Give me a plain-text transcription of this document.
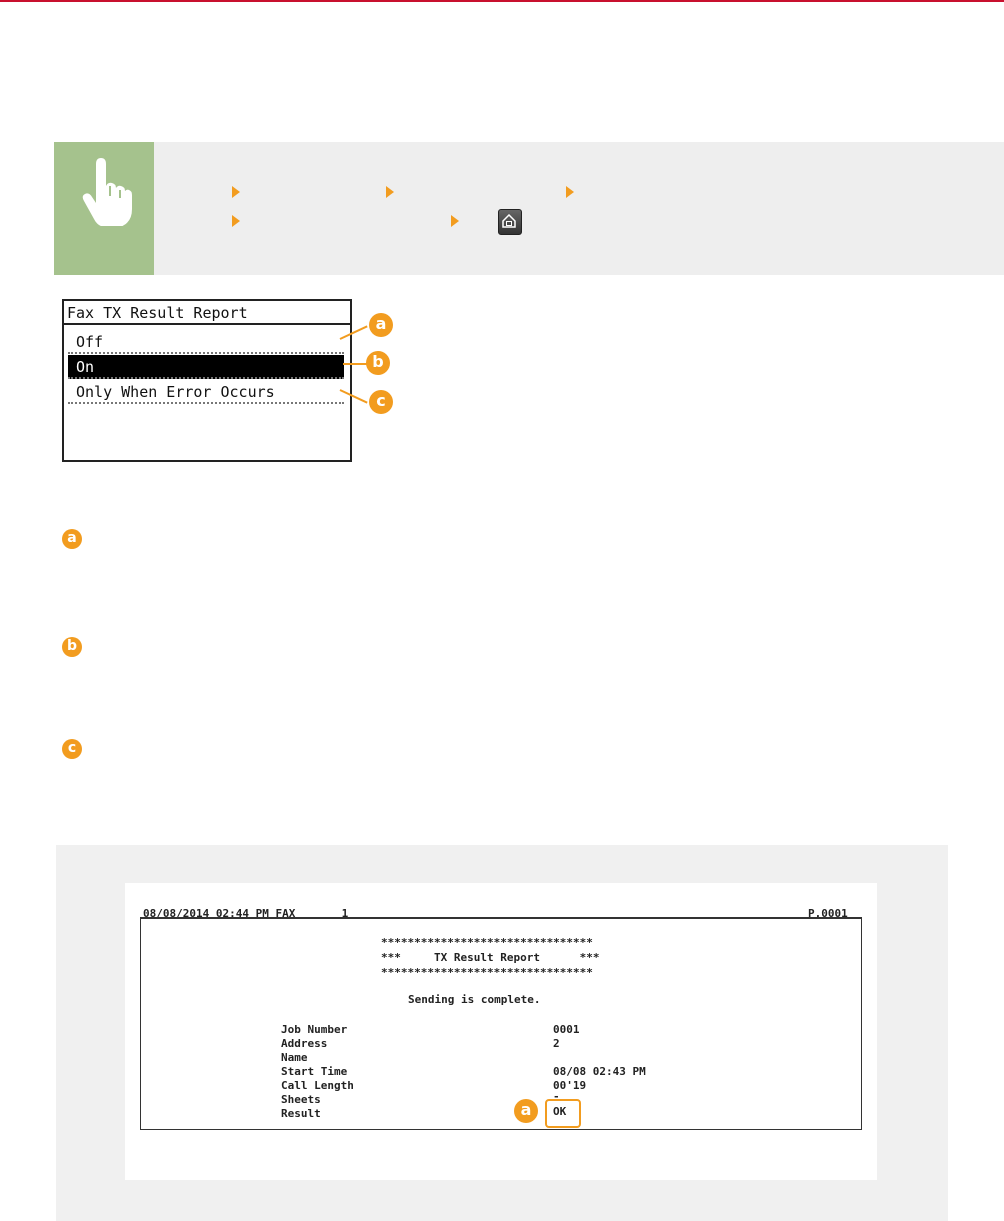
Fax TX Result Report
Off
On
Only When Error Occurs
a
b
c
a
b
c
08/08/2014 02:44 PM FAX       1	P.0001
********************************
***     TX Result Report      ***
********************************
Sending is complete.
Job Number	0001
Address	2
Name
Start Time	08/08 02:43 PM
Call Length	00'19
Sheets	-
Result	OK
a
